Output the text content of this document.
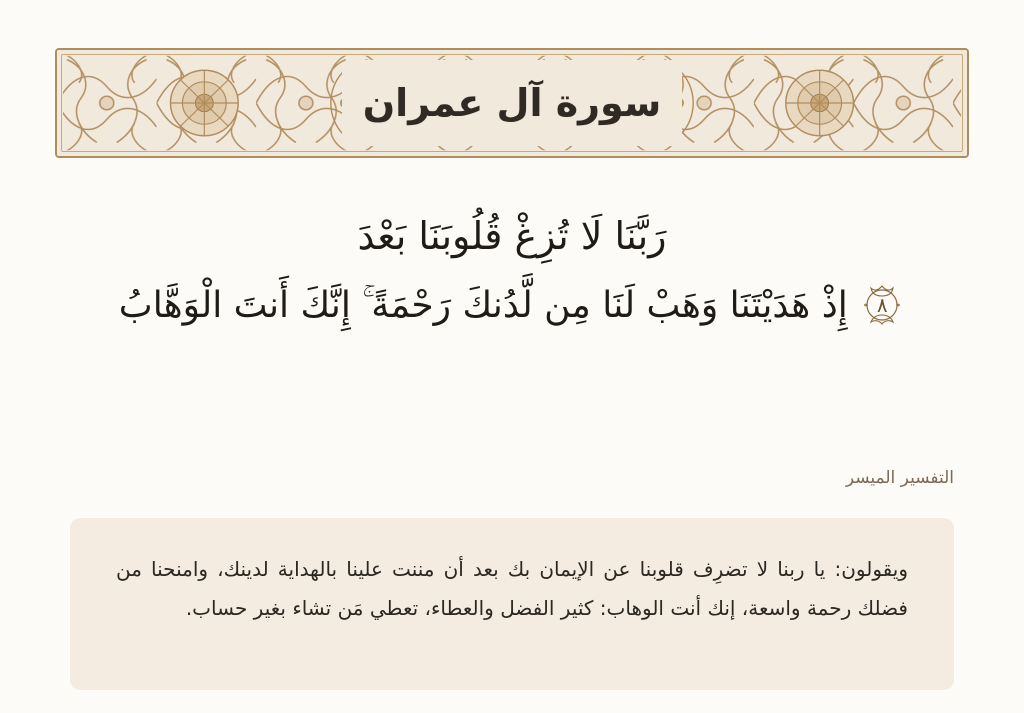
سورة آل عمران
رَبَّنَا لَا تُزِغْ قُلُوبَنَا بَعْدَ
٨ إِذْ هَدَيْتَنَا وَهَبْ لَنَا مِن لَّدُنكَ رَحْمَةً ۚ إِنَّكَ أَنتَ الْوَهَّابُ
التفسير الميسر
ويقولون: يا ربنا لا تضرِف قلوبنا عن الإيمان بك بعد أن مننت علينا بالهداية لدينك، وامنحنا من فضلك رحمة واسعة، إنك أنت الوهاب: كثير الفضل والعطاء، تعطي مَن تشاء بغير حساب.
